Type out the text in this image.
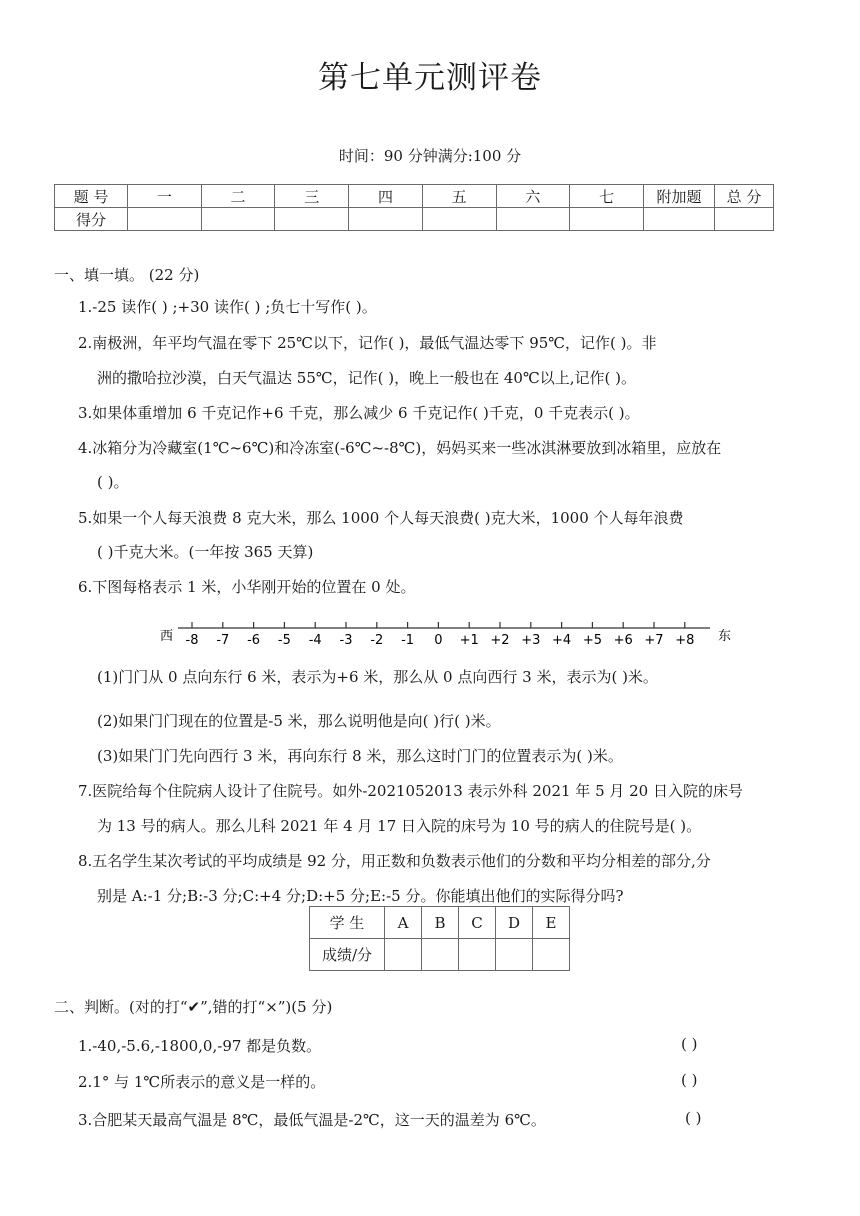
第七单元测评卷
时间：90 分钟满分:100 分
题 号	一	二	三	四	五	六	七	附加题	总 分
得分									
一、填一填。 (22 分)
1.-25 读作( ) ;+30 读作( ) ;负七十写作( )。
2.南极洲，年平均气温在零下 25℃以下，记作( )，最低气温达零下 95℃，记作( )。非
洲的撒哈拉沙漠，白天气温达 55℃，记作( )，晚上一般也在 40℃以上,记作( )。
3.如果体重增加 6 千克记作+6 千克，那么减少 6 千克记作( )千克，0 千克表示( )。
4.冰箱分为冷藏室(1℃~6℃)和冷冻室(-6℃~-8℃)，妈妈买来一些冰淇淋要放到冰箱里，应放在
( )。
5.如果一个人每天浪费 8 克大米，那么 1000 个人每天浪费( )克大米，1000 个人每年浪费
( )千克大米。(一年按 365 天算)
6.下图每格表示 1 米，小华刚开始的位置在 0 处。
西	东
-8 -7 -6 -5 -4 -3 -2 -1 0 +1 +2 +3 +4 +5 +6 +7 +8
(1)门门从 0 点向东行 6 米，表示为+6 米，那么从 0 点向西行 3 米，表示为( )米。
(2)如果门门现在的位置是-5 米，那么说明他是向( )行( )米。
(3)如果门门先向西行 3 米，再向东行 8 米，那么这时门门的位置表示为( )米。
7.医院给每个住院病人设计了住院号。如外-2021052013 表示外科 2021 年 5 月 20 日入院的床号
为 13 号的病人。那么儿科 2021 年 4 月 17 日入院的床号为 10 号的病人的住院号是( )。
8.五名学生某次考试的平均成绩是 92 分，用正数和负数表示他们的分数和平均分相差的部分,分
别是 A:-1 分;B:-3 分;C:+4 分;D:+5 分;E:-5 分。你能填出他们的实际得分吗?
学 生	A	B	C	D	E
成绩/分					
二、判断。(对的打“✔”,错的打“×”)(5 分)
1.-40,-5.6,-1800,0,-97 都是负数。	( )
2.1° 与 1℃所表示的意义是一样的。	( )
3.合肥某天最高气温是 8℃，最低气温是-2℃，这一天的温差为 6℃。	( )
